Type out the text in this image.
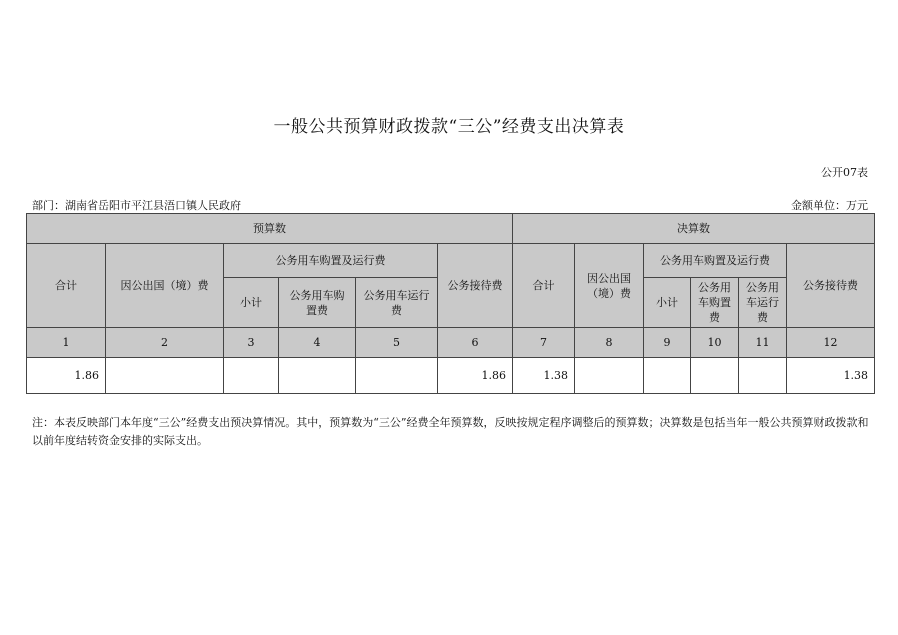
一般公共预算财政拨款“三公”经费支出决算表
公开07表
部门：湖南省岳阳市平江县浯口镇人民政府	金额单位：万元
预算数						决算数					
合计	因公出国（境）费	公务用车购置及运行费			公务接待费	合计	因公出国（境）费	公务用车购置及运行费			公务接待费
		小计	公务用车购置费	公务用车运行费				小计	公务用车购置费	公务用车运行费	
1	2	3	4	5	6	7	8	9	10	11	12
1.86					1.86	1.38					1.38
注：本表反映部门本年度“三公”经费支出预决算情况。其中，预算数为“三公”经费全年预算数，反映按规定程序调整后的预算数；决算数是包括当年一般公共预算财政拨款和以前年度结转资金安排的实际支出。
